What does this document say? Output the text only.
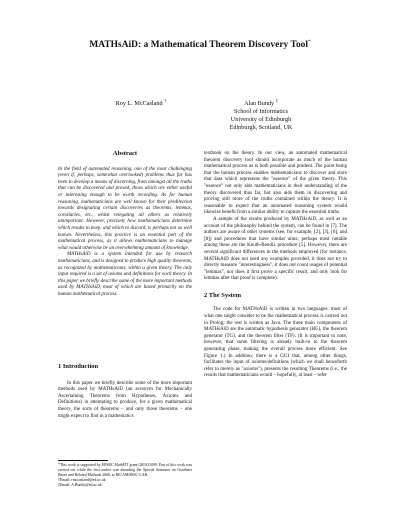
MATHsAiD: a Mathematical Theorem Discovery Tool*
Roy L. McCasland †	Alan Bundy ‡
School of Informatics
University of Edinburgh
Edinburgh, Scotland, UK
Abstract

In the field of automated reasoning, one of the most challenging (even if, perhaps, somewhat overlooked) problems thus far has been to develop a means of discerning, from amongst all the truths that can be discovered and proved, those which are either useful or interesting enough to be worth recording. As for human reasoning, mathematicians are well known for their predilection towards designating certain discoveries as theorems, lemmas, corollaries, etc., whilst relegating all others as relatively unimportant. However, precisely how mathematicians determine which results to keep, and which to discard, is perhaps not so well known. Nevertheless, this practice is an essential part of the mathematical process, as it allows mathematicians to manage what would otherwise be an overwhelming amount of knowledge.

MATHsAiD is a system intended for use by research mathematicians, and is designed to produce high quality theorems, as recognized by mathematicians, within a given theory. The only input required is a set of axioms and definitions for each theory. In this paper we briefly describe some of the more important methods used by MATHsAiD, most of which are based primarily on the human mathematical process.

1 Introduction

In this paper we briefly describe some of the more important methods used by MATHsAiD (an acronym for Mechanically Ascertaining Theorems from Hypotheses, Axioms and Definitions) in attempting to produce, for a given mathematical theory, the sorts of theorems – and only those theorems – one might expect to find in a mathematics

*This work is supported by EPSRC MathFIT grant GR/S31099. Part of this work was carried out while the first author was attending the Special Semester on Groebner Bases and Related Methods 2006, at RICAM/RISC-LAB.

†Email: rmccasland@ed.ac.uk

‡Email: A.Bundy@ed.ac.uk

textbook on the theory. In our view, an automated mathematical theorem discovery tool should incorporate as much of the human mathematical process as is both possible and prudent. The point being that the human process enables mathematicians to discover and store that data which represents the "essence" of the given theory. This "essence" not only aids mathematicians in their understanding of the theory discovered thus far, but also aids them in discovering and proving still more of the truths contained within the theory. It is reasonable to expect that an automated reasoning system would likewise benefit from a similar ability to capture the essential truths.

A sample of the results produced by MATHsAiD, as well as an account of the philosophy behind the system, can be found in [7]. The authors are aware of other systems (see, for example, [2], [3], [6], and [8]) and procedures that have similar aims; perhaps most notable among these are the Knuth-Bendix procedure [5]. However, there are several significant differences in the methods employed (for instance, MATHsAiD does not need any examples provided, it does not try to directly measure "interestingness", it does not count usages of potential "lemmas", nor does it first prove a specific result, and only look for lemmas after that proof is complete).

2 The System

The code for MATHsAiD is written in two languages: most of what one might consider to be the mathematical process is carried out in Prolog; the rest is written as Java. The three main components of MATHsAiD are the automatic hypothesis generator (HG), the theorem generator (TG), and the theorem filter (TF). (It is important to note, however, that some filtering is already built-in to the theorem generating phase, making the overall process more efficient. See Figure 1.) In addition, there is a GUI that, among other things, facilitates the input of axioms/definitions (which we shall henceforth refer to merely as "axioms"), presents the resulting Theorems (i.e., the results that mathematicians would – hopefully, at least – refer
